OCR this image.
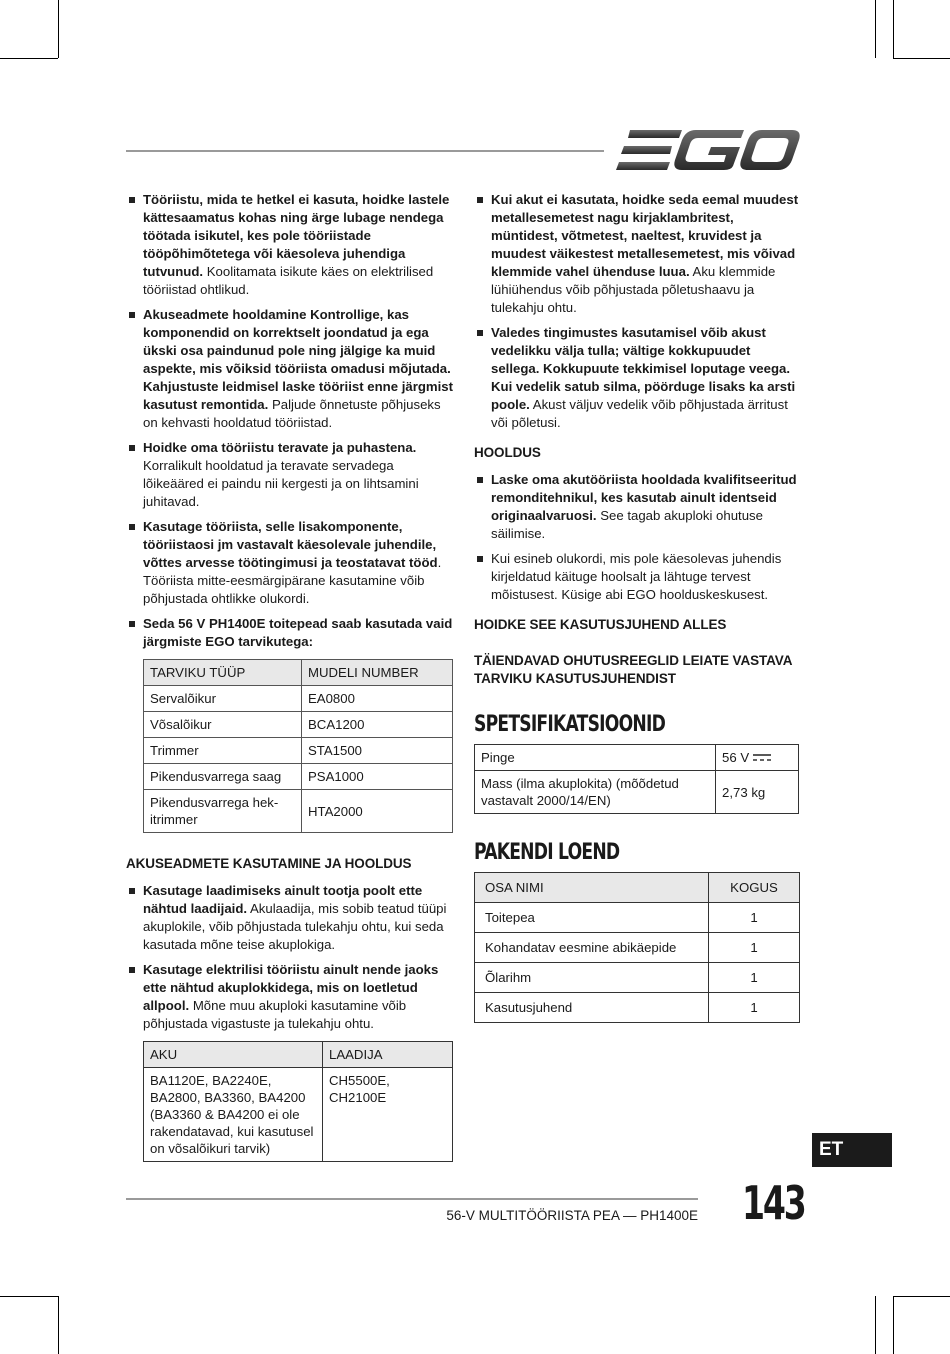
Tööriistu, mida te hetkel ei kasuta, hoidke lastele kättesaamatus kohas ning ärge lubage nendega töötada isikutel, kes pole tööriistade tööpõhimõtetega või käesoleva juhendiga tutvunud. Koolitamata isikute käes on elektrilised tööriistad ohtlikud.
Akuseadmete hooldamine Kontrollige, kas komponendid on korrektselt joondatud ja ega ükski osa paindunud pole ning jälgige ka muid aspekte, mis võiksid tööriista omadusi mõjutada. Kahjustuste leidmisel laske tööriist enne järgmist kasutust remontida. Paljude õnnetuste põhjuseks on kehvasti hooldatud tööriistad.
Hoidke oma tööriistu teravate ja puhastena. Korralikult hooldatud ja teravate servadega lõikeääred ei paindu nii kergesti ja on lihtsamini juhitavad.
Kasutage tööriista, selle lisakomponente, tööriistaosi jm vastavalt käesolevale juhendile, võttes arvesse töötingimusi ja teostatavat tööd. Tööriista mitte-eesmärgipärane kasutamine võib põhjustada ohtlikke olukordi.
Seda 56 V PH1400E toitepead saab kasutada vaid järgmiste EGO tarvikutega:
TARVIKU TÜÜP	MUDELI NUMBER
Servalõikur	EA0800
Võsalõikur	BCA1200
Trimmer	STA1500
Pikendusvarrega saag	PSA1000
Pikendusvarrega hek-itrimmer	HTA2000
AKUSEADMETE KASUTAMINE JA HOOLDUS
Kasutage laadimiseks ainult tootja poolt ette nähtud laadijaid. Akulaadija, mis sobib teatud tüüpi akuplokile, võib põhjustada tulekahju ohtu, kui seda kasutada mõne teise akuplokiga.
Kasutage elektrilisi tööriistu ainult nende jaoks ette nähtud akuplokkidega, mis on loetletud allpool. Mõne muu akuploki kasutamine võib põhjustada vigastuste ja tulekahju ohtu.
AKU	LAADIJA
BA1120E, BA2240E, BA2800, BA3360, BA4200 (BA3360 & BA4200 ei ole rakendatavad, kui kasutusel on võsalõikuri tarvik)	CH5500E, CH2100E
Kui akut ei kasutata, hoidke seda eemal muudest metallesemetest nagu kirjaklambritest, müntidest, võtmetest, naeltest, kruvidest ja muudest väikestest metallesemetest, mis võivad klemmide vahel ühenduse luua. Aku klemmide lühiühendus võib põhjustada põletushaavu ja tulekahju ohtu.
Valedes tingimustes kasutamisel võib akust vedelikku välja tulla; vältige kokkupuudet sellega. Kokkupuute tekkimisel loputage veega. Kui vedelik satub silma, pöörduge lisaks ka arsti poole. Akust väljuv vedelik võib põhjustada ärritust või põletusi.
HOOLDUS
Laske oma akutööriista hooldada kvalifitseeritud remonditehnikul, kes kasutab ainult identseid originaalvaruosi. See tagab akuploki ohutuse säilimise.
Kui esineb olukordi, mis pole käesolevas juhendis kirjeldatud käituge hoolsalt ja lähtuge tervest mõistusest. Küsige abi EGO hoolduskeskusest.
HOIDKE SEE KASUTUSJUHEND ALLES
TÄIENDAVAD OHUTUSREEGLID LEIATE VASTAVA TARVIKU KASUTUSJUHENDIST
SPETSIFIKATSIOONID
Pinge	56 V
Mass (ilma akuplokita) (mõõdetud vastavalt 2000/14/EN)	2,73 kg
PAKENDI LOEND
OSA NIMI	KOGUS
Toitepea	1
Kohandatav eesmine abikäepide	1
Õlarihm	1
Kasutusjuhend	1
ET
56-V MULTITÖÖRIISTA PEA — PH1400E 143
